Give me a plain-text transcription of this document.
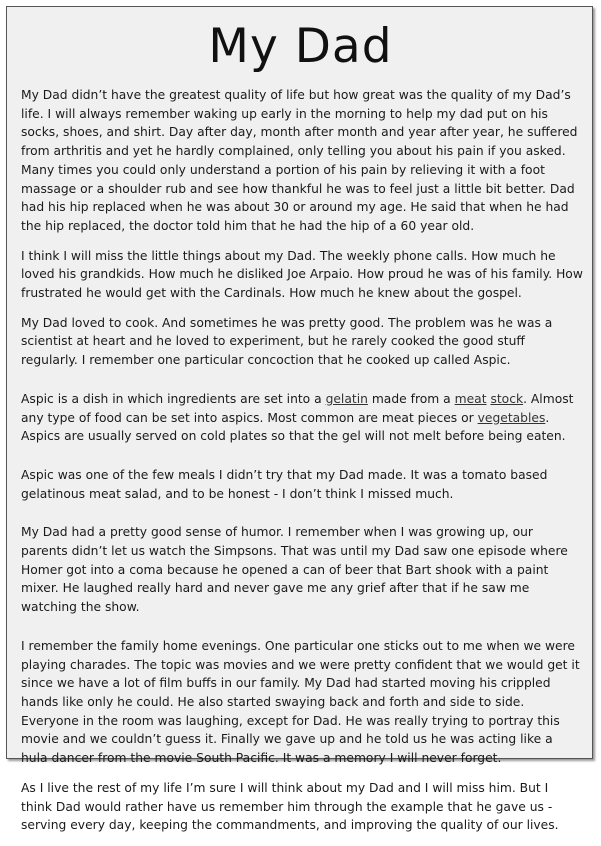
My Dad

My Dad didn’t have the greatest quality of life but how great was the quality of my Dad’s life. I will always remember waking up early in the morning to help my dad put on his socks, shoes, and shirt. Day after day, month after month and year after year, he suffered from arthritis and yet he hardly complained, only telling you about his pain if you asked. Many times you could only understand a portion of his pain by relieving it with a foot massage or a shoulder rub and see how thankful he was to feel just a little bit better. Dad had his hip replaced when he was about 30 or around my age. He said that when he had the hip replaced, the doctor told him that he had the hip of a 60 year old.

I think I will miss the little things about my Dad. The weekly phone calls. How much he loved his grandkids. How much he disliked Joe Arpaio. How proud he was of his family. How frustrated he would get with the Cardinals. How much he knew about the gospel.

My Dad loved to cook. And sometimes he was pretty good. The problem was he was a scientist at heart and he loved to experiment, but he rarely cooked the good stuff regularly. I remember one particular concoction that he cooked up called Aspic.

Aspic is a dish in which ingredients are set into a gelatin made from a meat stock. Almost any type of food can be set into aspics. Most common are meat pieces or vegetables. Aspics are usually served on cold plates so that the gel will not melt before being eaten.

Aspic was one of the few meals I didn’t try that my Dad made. It was a tomato based gelatinous meat salad, and to be honest - I don’t think I missed much.

My Dad had a pretty good sense of humor. I remember when I was growing up, our parents didn’t let us watch the Simpsons. That was until my Dad saw one episode where Homer got into a coma because he opened a can of beer that Bart shook with a paint mixer. He laughed really hard and never gave me any grief after that if he saw me watching the show.

I remember the family home evenings. One particular one sticks out to me when we were playing charades. The topic was movies and we were pretty confident that we would get it since we have a lot of film buffs in our family. My Dad had started moving his crippled hands like only he could. He also started swaying back and forth and side to side. Everyone in the room was laughing, except for Dad. He was really trying to portray this movie and we couldn’t guess it. Finally we gave up and he told us he was acting like a hula dancer from the movie South Pacific. It was a memory I will never forget.

As I live the rest of my life I’m sure I will think about my Dad and I will miss him. But I think Dad would rather have us remember him through the example that he gave us - serving every day, keeping the commandments, and improving the quality of our lives.
